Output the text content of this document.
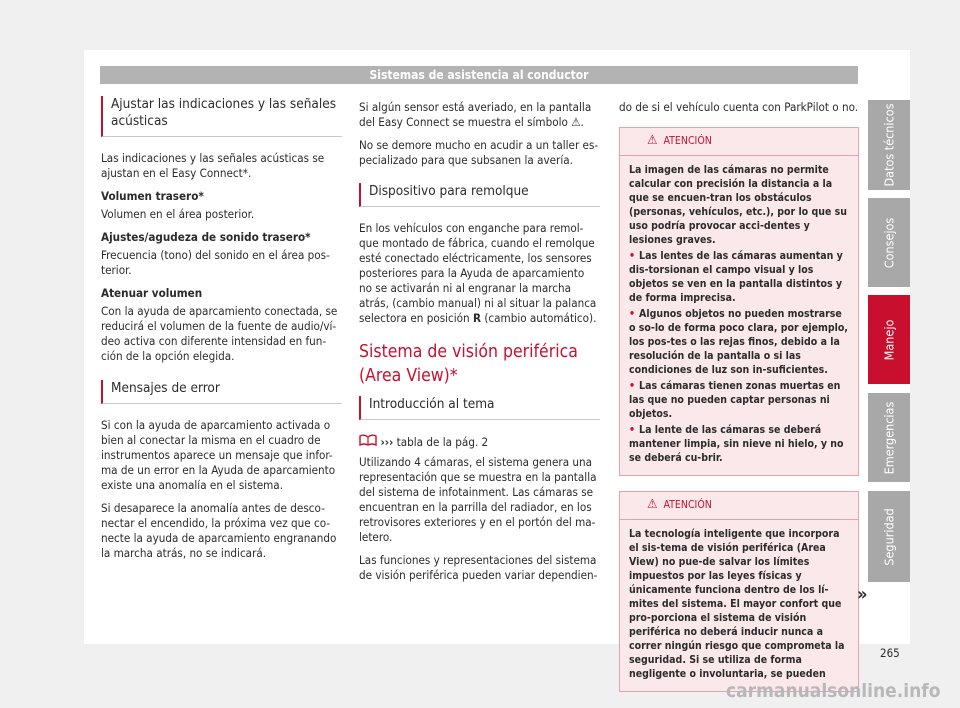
Sistemas de asistencia al conductor
Ajustar las indicaciones y las señales
acústicas

Las indicaciones y las señales acústicas se ajustan en el Easy Connect*.

Volumen trasero*

Volumen en el área posterior.

Ajustes/agudeza de sonido trasero*

Frecuencia (tono) del sonido en el área pos-terior.

Atenuar volumen

Con la ayuda de aparcamiento conectada, se reducirá el volumen de la fuente de audio/ví-deo activa con diferente intensidad en fun-ción de la opción elegida.

Mensajes de error

Si con la ayuda de aparcamiento activada o bien al conectar la misma en el cuadro de instrumentos aparece un mensaje que infor-ma de un error en la Ayuda de aparcamiento existe una anomalía en el sistema.

Si desaparece la anomalía antes de desco-nectar el encendido, la próxima vez que co-necte la ayuda de aparcamiento engranando la marcha atrás, no se indicará.

Si algún sensor está averiado, en la pantalla del Easy Connect se muestra el símbolo ⚠.

No se demore mucho en acudir a un taller es-pecializado para que subsanen la avería.

Dispositivo para remolque

En los vehículos con enganche para remol-que montado de fábrica, cuando el remolque esté conectado eléctricamente, los sensores posteriores para la Ayuda de aparcamiento no se activarán ni al engranar la marcha atrás, (cambio manual) ni al situar la palanca selectora en posición R (cambio automático).

Sistema de visión periférica
(Area View)*
Introducción al tema

››› tabla de la pág. 2

Utilizando 4 cámaras, el sistema genera una representación que se muestra en la pantalla del sistema de infotainment. Las cámaras se encuentran en la parrilla del radiador, en los retrovisores exteriores y en el portón del ma-letero.

Las funciones y representaciones del sistema de visión periférica pueden variar dependien-

do de si el vehículo cuenta con ParkPilot o no.

⚠ ATENCIÓN

La imagen de las cámaras no permite calcular con precisión la distancia a la que se encuen-tran los obstáculos (personas, vehículos, etc.), por lo que su uso podría provocar acci-dentes y lesiones graves.

• Las lentes de las cámaras aumentan y dis-torsionan el campo visual y los objetos se ven en la pantalla distintos y de forma imprecisa.

• Algunos objetos no pueden mostrarse o so-lo de forma poco clara, por ejemplo, los pos-tes o las rejas finos, debido a la resolución de la pantalla o si las condiciones de luz son in-suficientes.

• Las cámaras tienen zonas muertas en las que no pueden captar personas ni objetos.

• La lente de las cámaras se deberá mantener limpia, sin nieve ni hielo, y no se deberá cu-brir.

⚠ ATENCIÓN

La tecnología inteligente que incorpora el sis-tema de visión periférica (Area View) no pue-de salvar los límites impuestos por las leyes físicas y únicamente funciona dentro de los lí-mites del sistema. El mayor confort que pro-porciona el sistema de visión periférica no deberá inducir nunca a correr ningún riesgo que comprometa la seguridad. Si se utiliza de forma negligente o involuntaria, se pueden

»
Datos técnicos
Consejos
Manejo
Emergencias
Seguridad
265
carmanualsonline.info
